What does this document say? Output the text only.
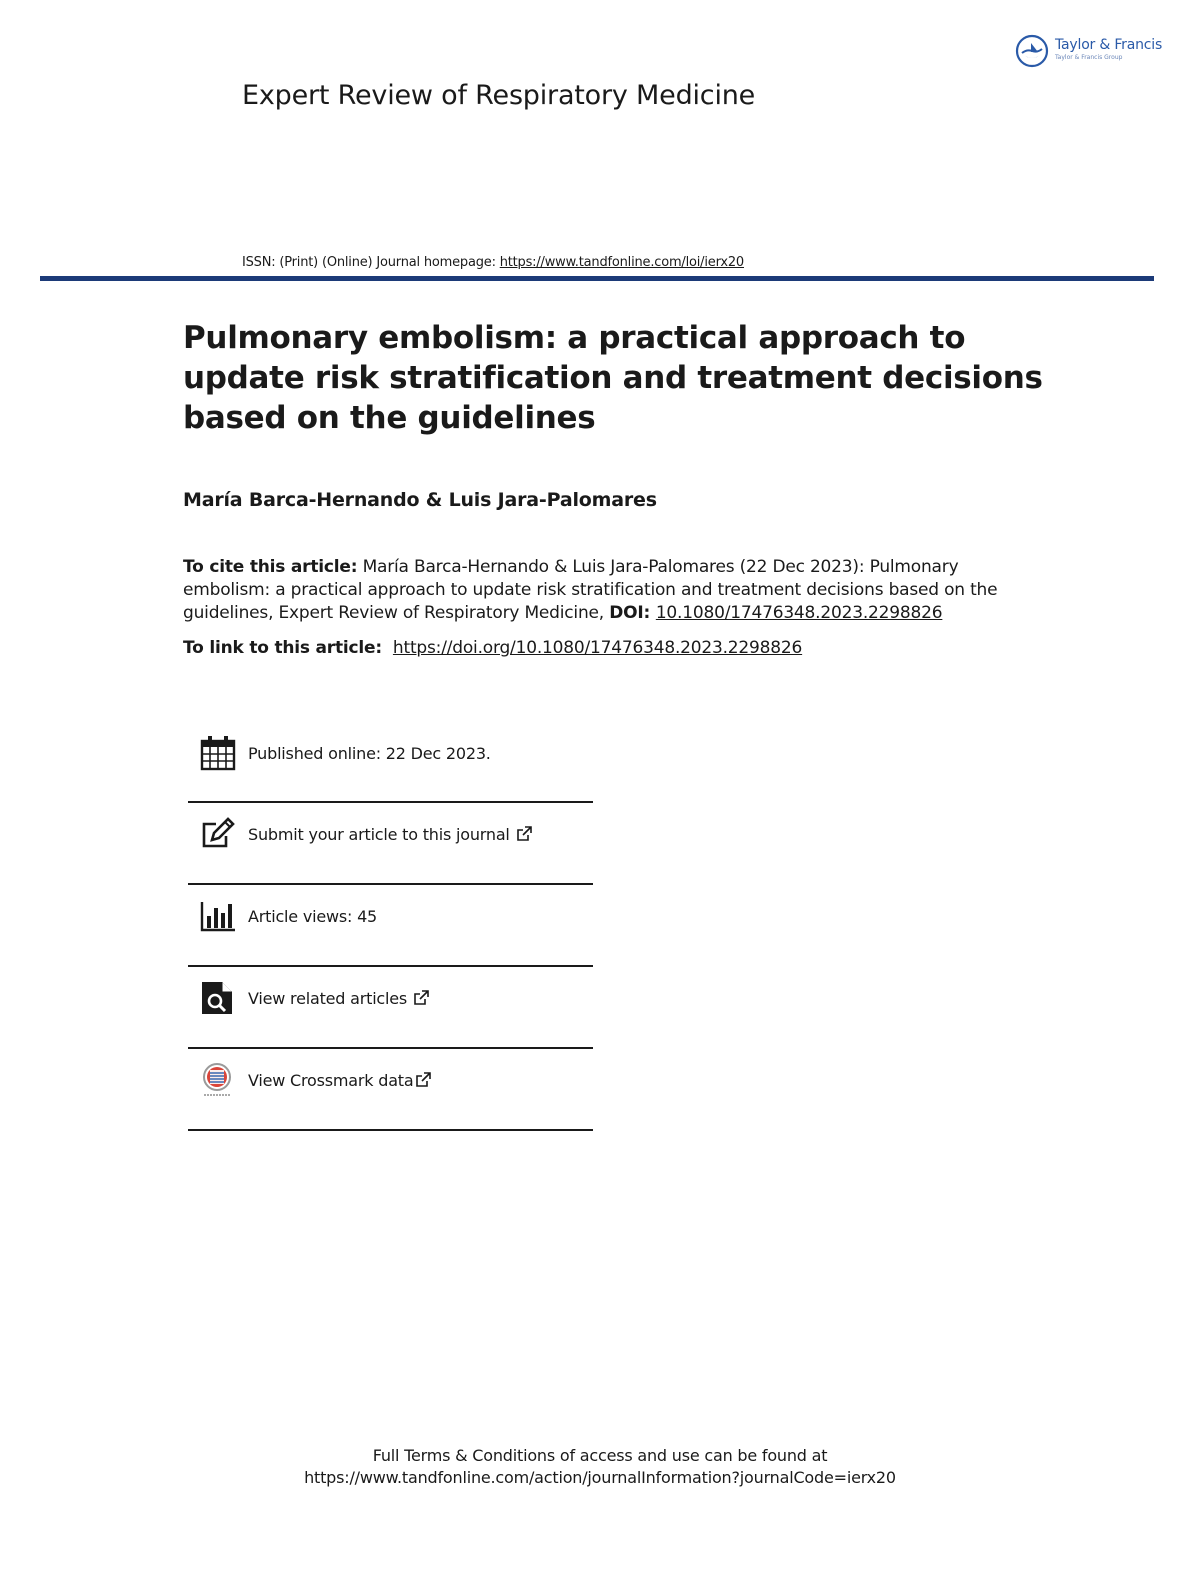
Taylor & Francis
Taylor & Francis Group
Expert Review of Respiratory Medicine
ISSN: (Print) (Online) Journal homepage: https://www.tandfonline.com/loi/ierx20
Pulmonary embolism: a practical approach to update risk stratification and treatment decisions based on the guidelines
María Barca-Hernando & Luis Jara-Palomares

To cite this article: María Barca-Hernando & Luis Jara-Palomares (22 Dec 2023): Pulmonary embolism: a practical approach to update risk stratification and treatment decisions based on the guidelines, Expert Review of Respiratory Medicine, DOI: 10.1080/17476348.2023.2298826

To link to this article:  https://doi.org/10.1080/17476348.2023.2298826
Published online: 22 Dec 2023.
Submit your article to this journal
Article views: 45
View related articles
View Crossmark data
Full Terms & Conditions of access and use can be found at
https://www.tandfonline.com/action/journalInformation?journalCode=ierx20
